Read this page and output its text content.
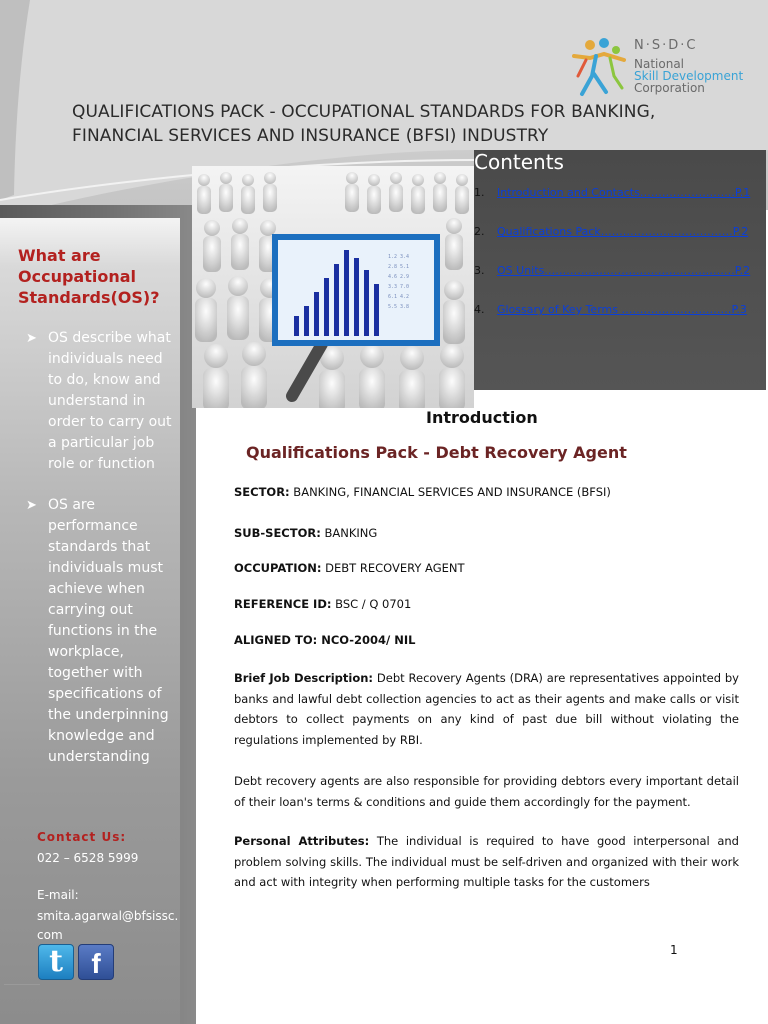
QUALIFICATIONS PACK - OCCUPATIONAL STANDARDS FOR BANKING, FINANCIAL SERVICES AND INSURANCE (BFSI) INDUSTRY
N·S·D·C
National
Skill Development
Corporation
What are Occupational Standards(OS)?
➤ OS describe what individuals need to do, know and understand in order to carry out a particular job role or function
➤ OS are performance standards that individuals must achieve when carrying out functions in the workplace, together with specifications of the underpinning knowledge and understanding
Contact Us:
022 – 6528 5999
E-mail:
smita.agarwal@bfsissc.com
t	f
1.2 3.4
2.8 5.1
4.6 2.9
3.3 7.0
6.1 4.2
5.5 3.8
Contents
1. Introduction and Contacts……………………..P.1
2. Qualifications Pack………………………………P.2
3. OS Units…………………………………………….P.2
4. Glossary of Key Terms …………………………P.3
Introduction
Qualifications Pack - Debt Recovery Agent
SECTOR: BANKING, FINANCIAL SERVICES AND INSURANCE (BFSI)
SUB-SECTOR: BANKING
OCCUPATION: DEBT RECOVERY AGENT
REFERENCE ID: BSC / Q 0701
ALIGNED TO: NCO-2004/ NIL
Brief Job Description: Debt Recovery Agents (DRA) are representatives appointed by banks and lawful debt collection agencies to act as their agents and make calls or visit debtors to collect payments on any kind of past due bill without violating the regulations implemented by RBI.
Debt recovery agents are also responsible for providing debtors every important detail of their loan's terms & conditions and guide them accordingly for the payment.
Personal Attributes: The individual is required to have good interpersonal and problem solving skills. The individual must be self-driven and organized with their work and act with integrity when performing multiple tasks for the customers
1
